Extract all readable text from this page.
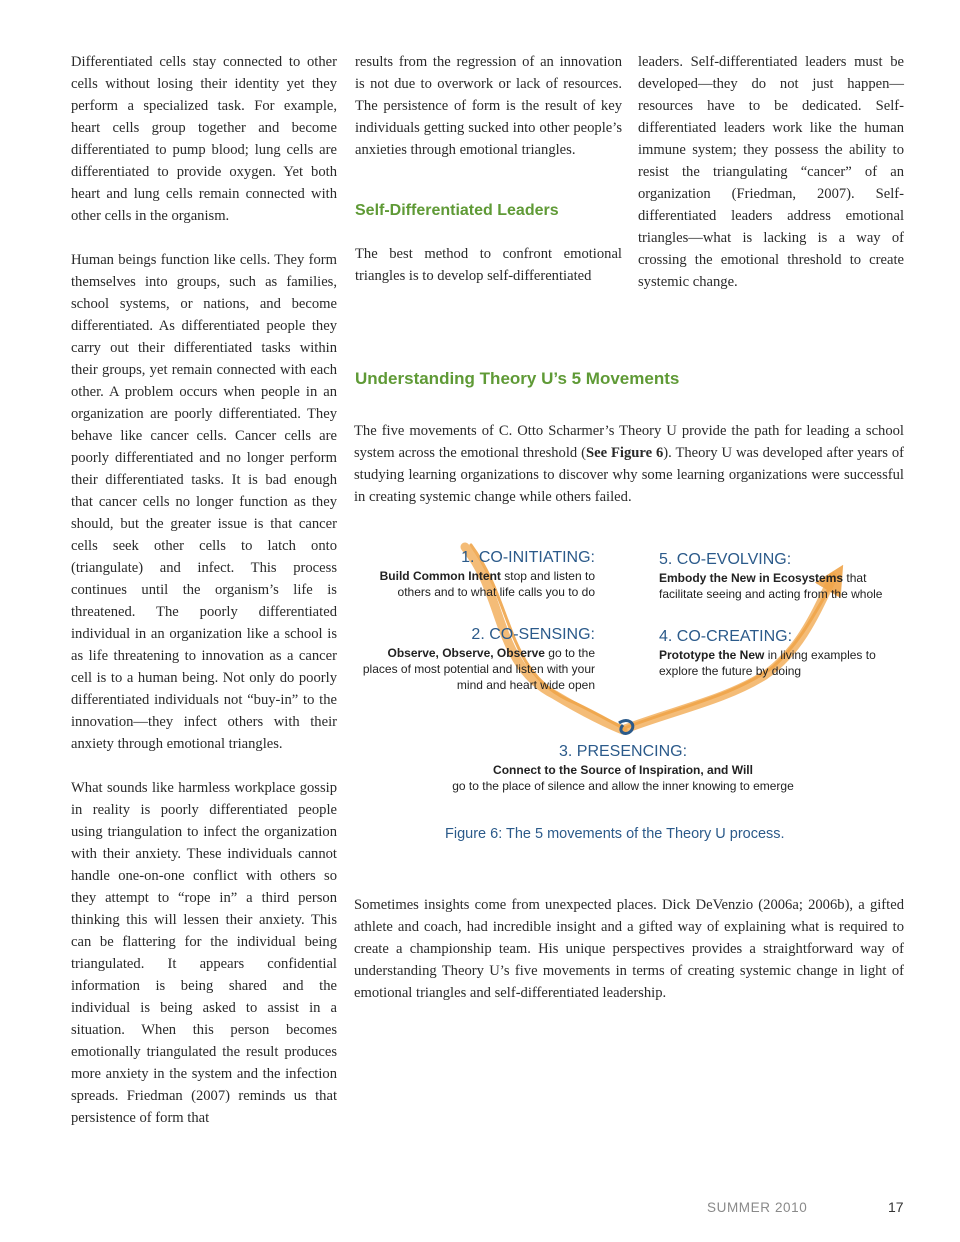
Differentiated cells stay connected to other cells without losing their identity yet they perform a specialized task. For example, heart cells group together and become differentiated to pump blood; lung cells are differentiated to provide oxygen. Yet both heart and lung cells remain connected with other cells in the organism.

Human beings function like cells. They form themselves into groups, such as families, school systems, or nations, and become differentiated. As differentiated people they carry out their differentiated tasks within their groups, yet remain connected with each other. A problem occurs when people in an organization are poorly differentiated. They behave like cancer cells. Cancer cells are poorly differentiated and no longer perform their differentiated tasks. It is bad enough that cancer cells no longer function as they should, but the greater issue is that cancer cells seek other cells to latch onto (triangulate) and infect. This process continues until the organism’s life is threatened. The poorly differentiated individual in an organization like a school is as life threatening to innovation as a cancer cell is to a human being. Not only do poorly differentiated individuals not “buy-in” to the innovation—they infect others with their anxiety through emotional triangles.

What sounds like harmless workplace gossip in reality is poorly differentiated people using triangulation to infect the organization with their anxiety. These individuals cannot handle one-on-one conflict with others so they attempt to “rope in” a third person thinking this will lessen their anxiety. This can be flattering for the individual being triangulated. It appears confidential information is being shared and the individual is being asked to assist in a situation. When this person becomes emotionally triangulated the result produces more anxiety in the system and the infection spreads. Friedman (2007) reminds us that persistence of form that

results from the regression of an innovation is not due to overwork or lack of resources. The persistence of form is the result of key individuals getting sucked into other people’s anxieties through emotional triangles.

Self-Differentiated Leaders

The best method to confront emotional triangles is to develop self-differentiated

leaders. Self-differentiated leaders must be developed—they do not just happen—resources have to be dedicated. Self-differentiated leaders work like the human immune system; they possess the ability to resist the triangulating “cancer” of an organization (Friedman, 2007). Self-differentiated leaders address emotional triangles—what is lacking is a way of crossing the emotional threshold to create systemic change.

Understanding Theory U’s 5 Movements

The five movements of C. Otto Scharmer’s Theory U provide the path for leading a school system across the emotional threshold (See Figure 6). Theory U was developed after years of studying learning organizations to discover why some learning organizations were successful in creating systemic change while others failed.

1. CO-INITIATING:
Build Common Intent stop and listen to
others and to what life calls you to do
2. CO-SENSING:
Observe, Observe, Observe go to the
places of most potential and listen with your
mind and heart wide open
3. PRESENCING:
Connect to the Source of Inspiration, and Will
go to the place of silence and allow the inner knowing to emerge
5. CO-EVOLVING:
Embody the New in Ecosystems that
facilitate seeing and acting from the whole
4. CO-CREATING:
Prototype the New in living examples to
explore the future by doing

Figure 6: The 5 movements of the Theory U process.

Sometimes insights come from unexpected places. Dick DeVenzio (2006a; 2006b), a gifted athlete and coach, had incredible insight and a gifted way of explaining what is required to create a championship team. His unique perspectives provides a straightforward way of understanding Theory U’s five movements in terms of creating systemic change in light of emotional triangles and self-differentiated leadership.

SUMMER 2010	17
